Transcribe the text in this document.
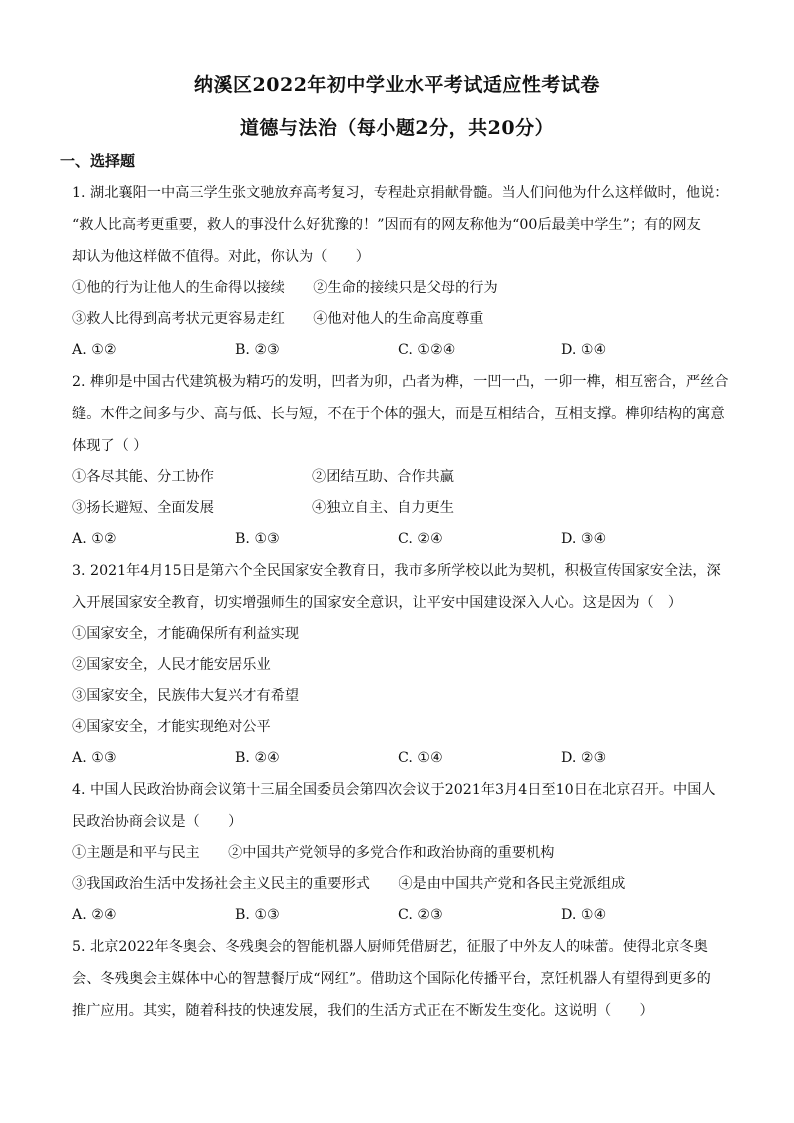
纳溪区2022年初中学业水平考试适应性考试卷
道德与法治（每小题2分，共20分）
一、选择题
1. 湖北襄阳一中高三学生张文驰放弃高考复习，专程赴京捐献骨髓。当人们问他为什么这样做时，他说：
“救人比高考更重要，救人的事没什么好犹豫的！”因而有的网友称他为“00后最美中学生”；有的网友
却认为他这样做不值得。对此，你认为（　　）
①他的行为让他人的生命得以接续　　②生命的接续只是父母的行为
③救人比得到高考状元更容易走红　　④他对他人的生命高度尊重
A. ①②	B. ②③	C. ①②④	D. ①④
2. 榫卯是中国古代建筑极为精巧的发明，凹者为卯，凸者为榫，一凹一凸，一卯一榫，相互密合，严丝合
缝。木件之间多与少、高与低、长与短，不在于个体的强大，而是互相结合，互相支撑。榫卯结构的寓意
体现了（ ）
①各尽其能、分工协作	②团结互助、合作共赢
③扬长避短、全面发展	④独立自主、自力更生
A. ①②	B. ①③	C. ②④	D. ③④
3. 2021年4月15日是第六个全民国家安全教育日，我市多所学校以此为契机，积极宣传国家安全法，深
入开展国家安全教育，切实增强师生的国家安全意识，让平安中国建设深入人心。这是因为（　）
①国家安全，才能确保所有利益实现
②国家安全，人民才能安居乐业
③国家安全，民族伟大复兴才有希望
④国家安全，才能实现绝对公平
A. ①③	B. ②④	C. ①④	D. ②③
4. 中国人民政治协商会议第十三届全国委员会第四次会议于2021年3月4日至10日在北京召开。中国人
民政治协商会议是（　　）
①主题是和平与民主　　②中国共产党领导的多党合作和政治协商的重要机构
③我国政治生活中发扬社会主义民主的重要形式　　④是由中国共产党和各民主党派组成
A. ②④	B. ①③	C. ②③	D. ①④
5. 北京2022年冬奥会、冬残奥会的智能机器人厨师凭借厨艺，征服了中外友人的味蕾。使得北京冬奥
会、冬残奥会主媒体中心的智慧餐厅成“网红”。借助这个国际化传播平台，烹饪机器人有望得到更多的
推广应用。其实，随着科技的快速发展，我们的生活方式正在不断发生变化。这说明（　　）
